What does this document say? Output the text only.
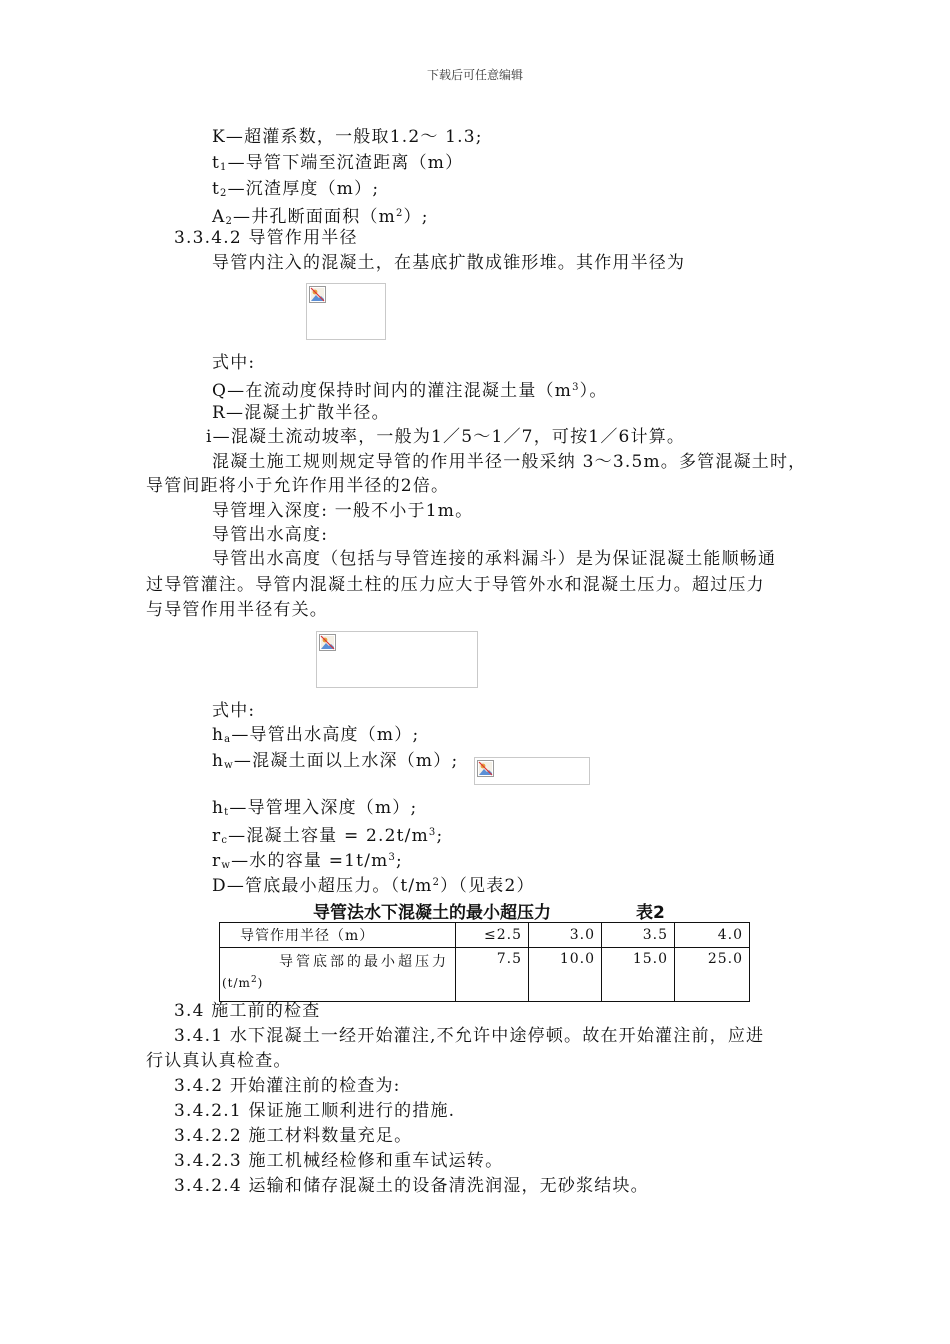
下载后可任意编辑
K—超灌系数，一般取1.2～ 1.3;
$t_1—$导管下端至沉渣距离（m）
$t_2—$沉渣厚度（m）;
$A_2—$井孔断面面积$(m^2)$;
3.3.4.2 导管作用半径
导管内注入的混凝土，在基底扩散成锥形堆。其作用半径为
式中:
Q—在流动度保持时间内的灌注混凝土量$(m^3)$。
R—混凝土扩散半径。
i—混凝土流动坡率，一般为1／5～1／7，可按1／6计算。
混凝土施工规则规定导管的作用半径一般采纳 3～3.5m。多管混凝土时，
导管间距将小于允许作用半径的2倍。
导管埋入深度: 一般不小于1m。
导管出水高度:
导管出水高度（包括与导管连接的承料漏斗）是为保证混凝土能顺畅通
过导管灌注。导管内混凝土柱的压力应大于导管外水和混凝土压力。超过压力
与导管作用半径有关。
式中:
$h_a—$导管出水高度（m）;
$h_w—$混凝土面以上水深（m）;
$h_t—$导管埋入深度（m）;
$r_c—$混凝土容量 = $2.2t/m^3$;
$r_w—$水的容量 $=1t/m^3$;
D—管底最小超压力。$(t/m^2)$（见表2）
导管法水下混凝土的最小超压力	表2
导管作用半径（m）	≤2.5	3.0	3.5	4.0
导管底部的最小超压力
$(t/m^2)$	7.5	10.0	15.0	25.0
3.4 施工前的检查
3.4.1 水下混凝土一经开始灌注,不允许中途停顿。故在开始灌注前，应进
行认真认真检查。
3.4.2 开始灌注前的检查为:
3.4.2.1 保证施工顺利进行的措施.
3.4.2.2 施工材料数量充足。
3.4.2.3 施工机械经检修和重车试运转。
3.4.2.4 运输和储存混凝土的设备清洗润湿，无砂浆结块。
